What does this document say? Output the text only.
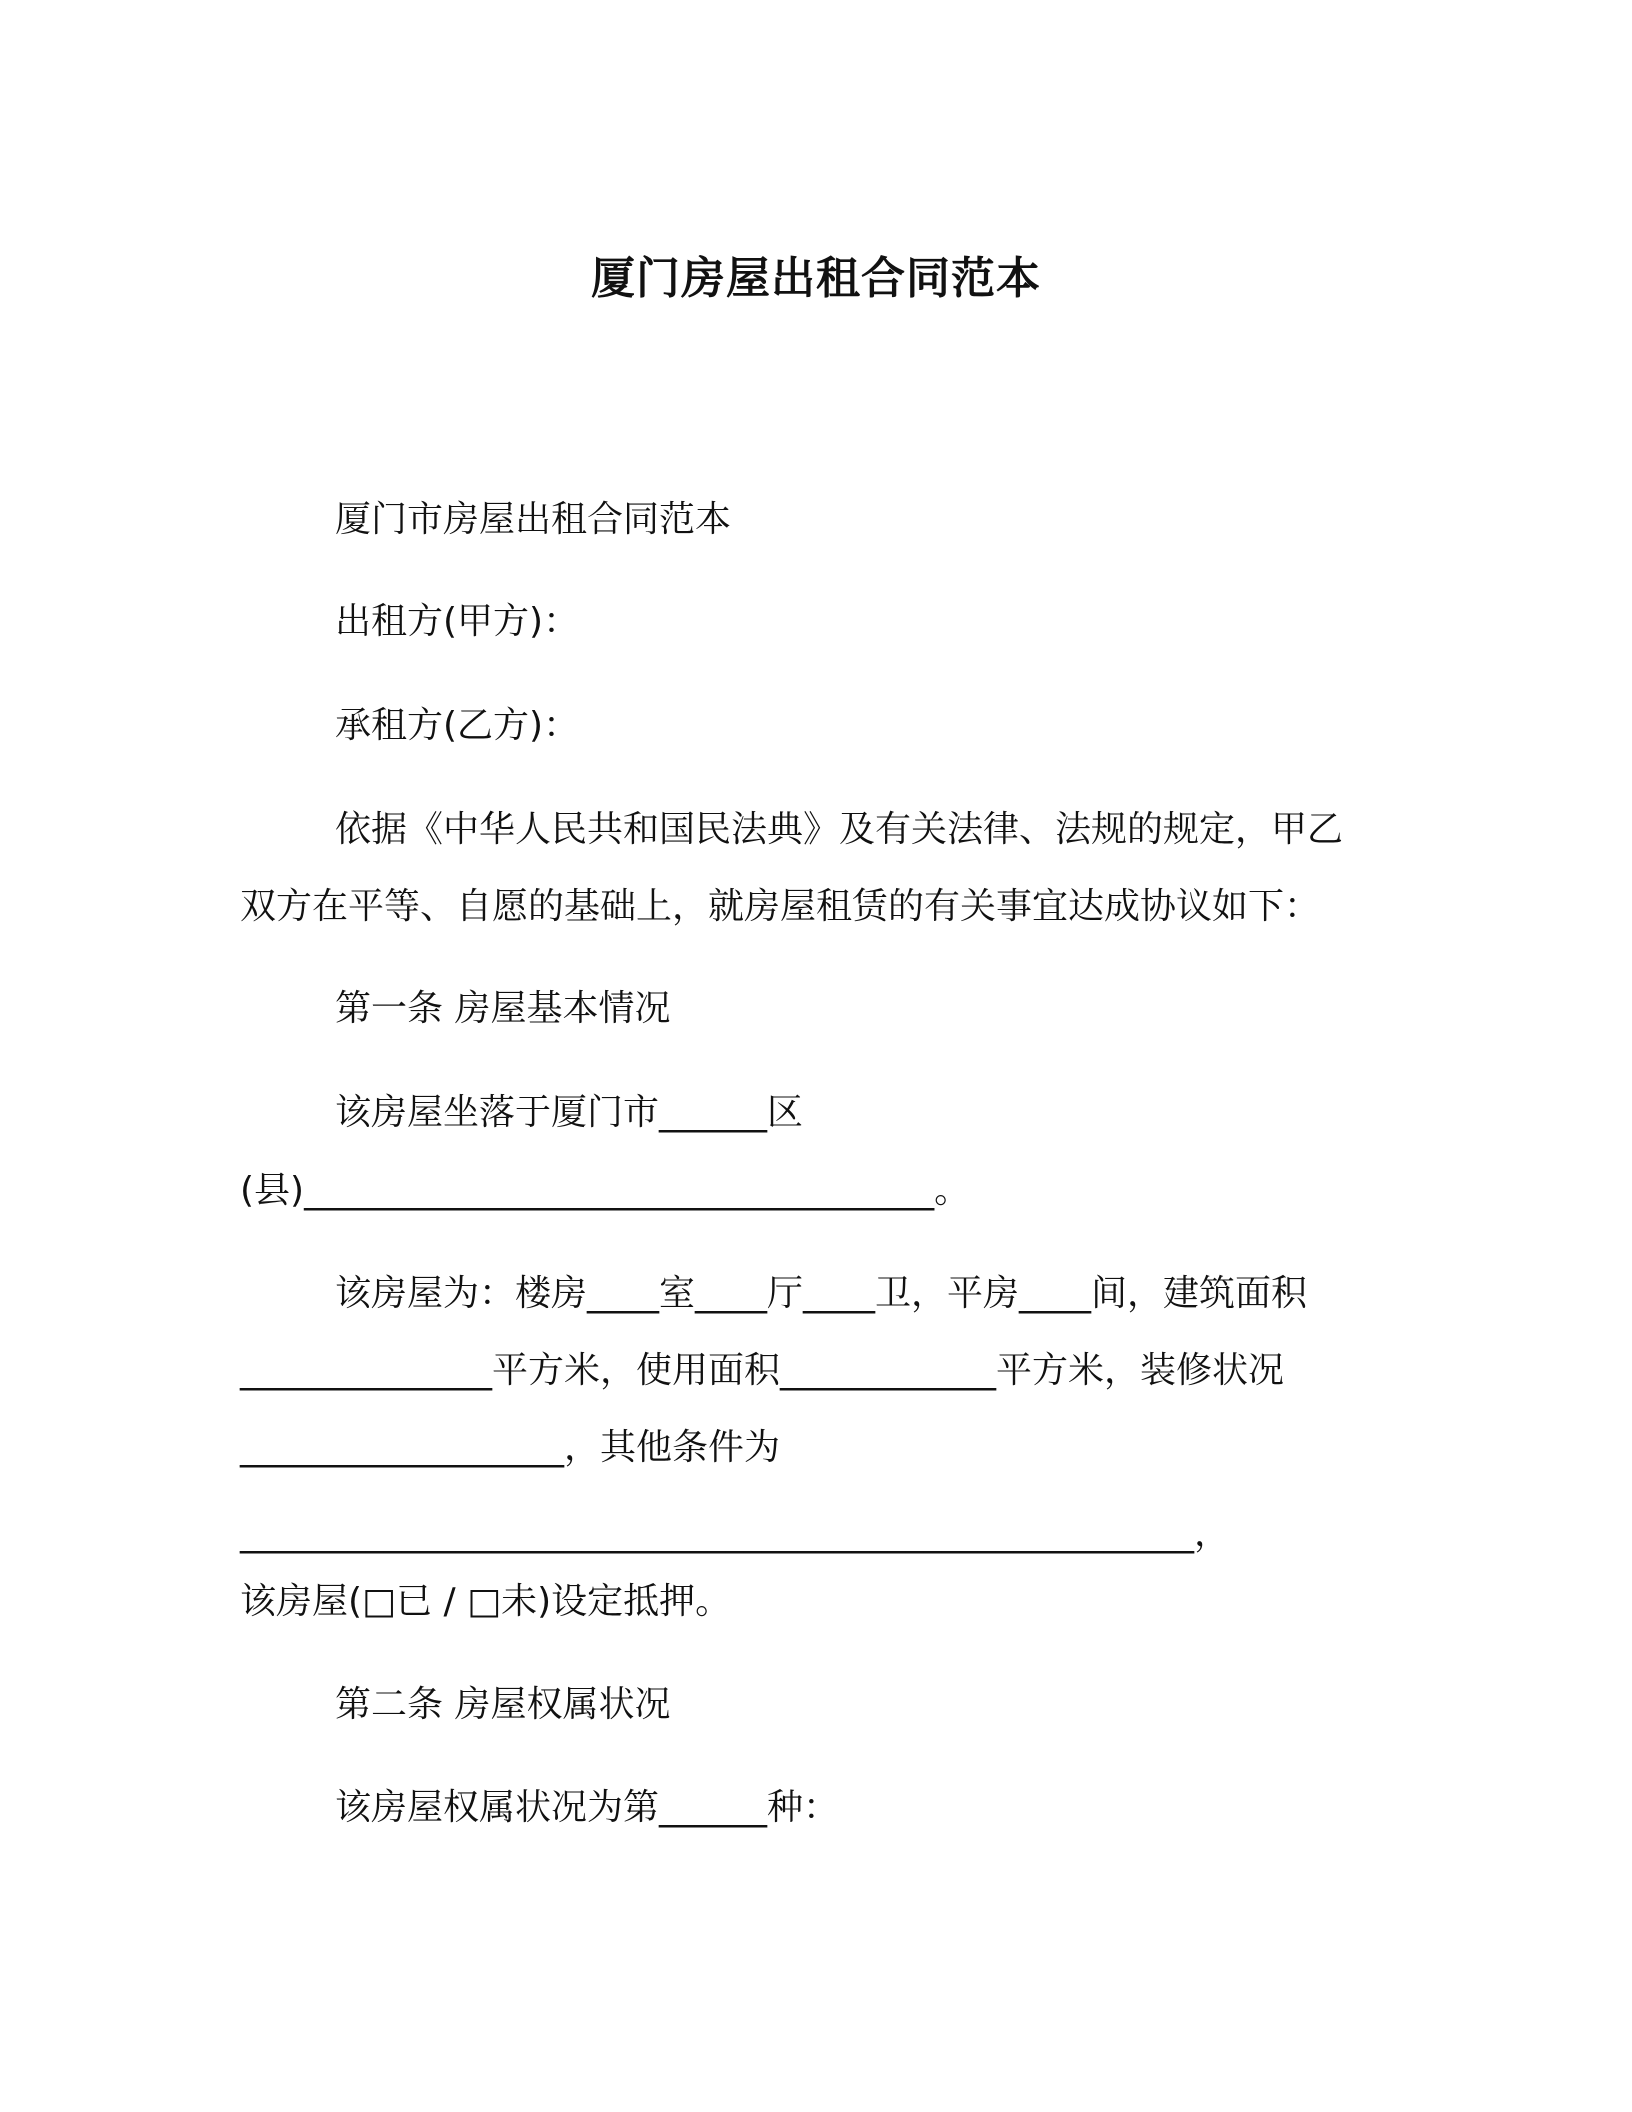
厦门房屋出租合同范本

厦门市房屋出租合同范本

出租方(甲方)：

承租方(乙方)：

依据《中华人民共和国民法典》及有关法律、法规的规定，甲乙

双方在平等、自愿的基础上，就房屋租赁的有关事宜达成协议如下：

第一条 房屋基本情况

该房屋坐落于厦门市______区

(县)___________________________________。

该房屋为：楼房____室____厅____卫，平房____间，建筑面积

______________平方米，使用面积____________平方米，装修状况

__________________，其他条件为

_____________________________________________________，

该房屋(□已 / □未)设定抵押。

第二条 房屋权属状况

该房屋权属状况为第______种：
